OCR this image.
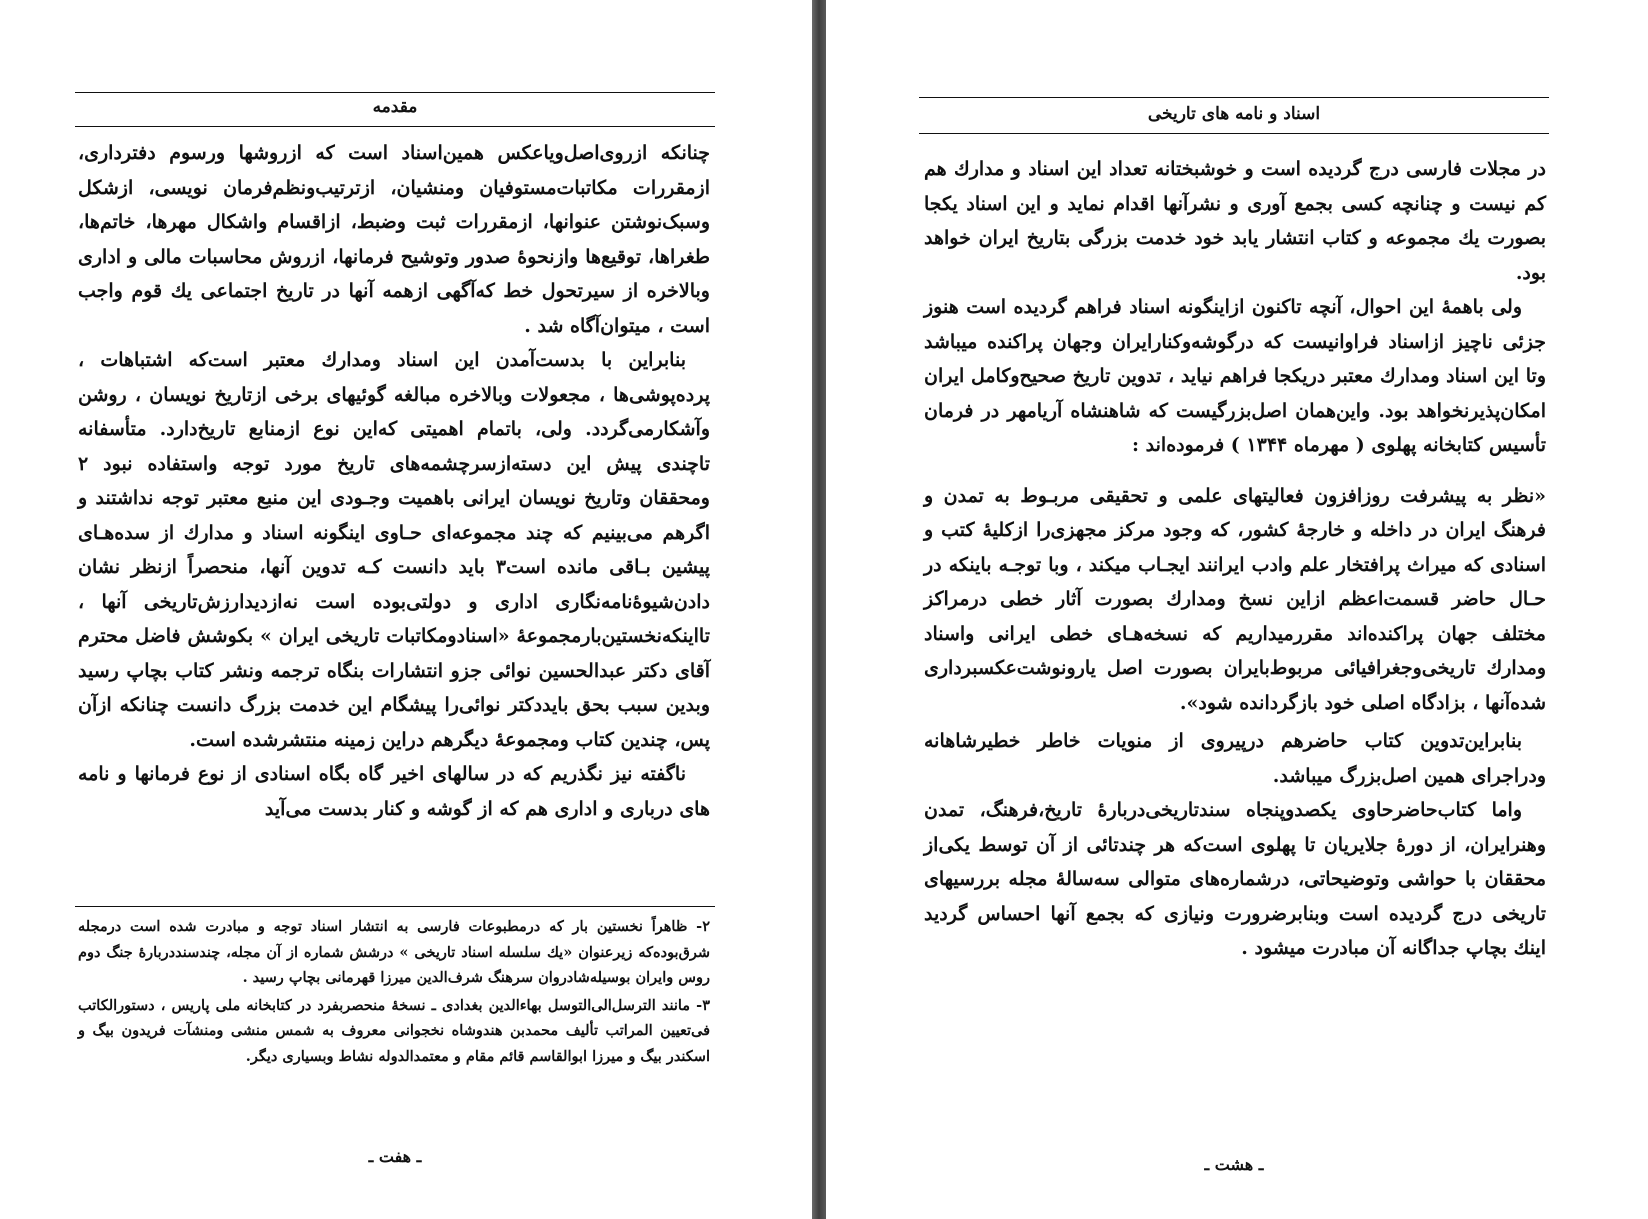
مقدمه

چنانکه ازروی‌اصل‌ویاعکس همین‌اسناد است که ازروشها ورسوم دفترداری، ازمقررات مکاتبات‌مستوفیان ومنشیان، ازترتیب‌ونظم‌فرمان نویسی، ازشکل وسبک‌نوشتن عنوانها، ازمقررات ثبت وضبط، ازاقسام واشکال مهرها، خاتم‌ها، طغراها، توقیع‌ها وازنحوهٔ صدور وتوشیح فرمانها، ازروش محاسبات مالی و اداری وبالاخره از سیرتحول خط که‌آگهی ازهمه آنها در تاریخ اجتماعی یك قوم واجب است ، میتوان‌آگاه شد .

بنابراین با بدست‌آمدن این اسناد ومدارك معتبر است‌که اشتباهات ، پرده‌پوشی‌ها ، مجعولات وبالاخره مبالغه گوئیهای برخی ازتاریخ نویسان ، روشن وآشکارمی‌گردد. ولی، باتمام اهمیتی که‌این نوع ازمنابع تاریخ‌دارد. متأسفانه تاچندی پیش این دسته‌ازسرچشمه‌های تاریخ مورد توجه واستفاده نبود ۲ ومحققان وتاریخ نویسان ایرانی باهمیت وجـودی این منبع معتبر توجه نداشتند و اگرهم می‌بینیم که چند مجموعه‌ای حـاوی اینگونه اسناد و مدارك از سده‌هـای پیشین بـاقی مانده است۳ باید دانست کـه تدوین آنها، منحصراً ازنظر نشان دادن‌شیوهٔ‌نامه‌نگاری اداری و دولتی‌بوده است نه‌ازدیدارزش‌تاریخی آنها ، تااینکه‌نخستین‌بارمجموعهٔ «اسنادومکاتبات تاریخی ایران » بکوشش فاضل محترم آقای دکتر عبدالحسین نوائی جزو انتشارات بنگاه ترجمه ونشر کتاب بچاپ رسید وبدین سبب بحق بایددکتر نوائی‌را پیشگام این خدمت بزرگ دانست چنانکه ازآن پس، چندین کتاب ومجموعهٔ دیگرهم دراین زمینه منتشرشده است.

ناگفته نیز نگذریم که در سالهای اخیر گاه بگاه اسنادی از نوع فرمانها و نامه‌ هاى درباری و اداری هم که از گوشه و کنار بدست می‌آید

۲- ظاهراً نخستین بار که درمطبوعات فارسی به انتشار اسناد توجه و مبادرت شده است درمجله شرق‌بوده‌که زیرعنوان «یك سلسله اسناد تاریخی » درشش شماره از آن مجله، چندسنددربارهٔ جنگ دوم روس وایران بوسیله‌شادروان سرهنگ شرف‌الدین میرزا قهرمانی بچاپ رسید .

۳- مانند الترسل‌الی‌التوسل بهاءالدین بغدادی ـ نسخهٔ منحصربفرد در کتابخانه ملی پاریس ، دستورالکاتب فی‌تعیین المراتب تألیف محمدبن هندوشاه نخجوانی معروف به شمس منشی ومنشآت فریدون بیگ و اسکندر بیگ و میرزا ابوالقاسم قائم مقام و معتمدالدوله نشاط وبسیاری دیگر.

ـ هفت ـ
اسناد و نامه های تاریخی

در مجلات فارسی درج گردیده است و خوشبختانه تعداد این اسناد و مدارك هم کم نیست و چنانچه کسی بجمع آوری و نشرآنها اقدام نماید و این اسناد یکجا بصورت یك مجموعه و کتاب انتشار یابد خود خدمت بزرگی بتاریخ ایران خواهد بود.

ولی باهمهٔ این احوال، آنچه تاکنون ازاینگونه اسناد فراهم گردیده است هنوز جزئی ناچیز ازاسناد فراوانیست که درگوشه‌وکنارایران وجهان پراکنده میباشد وتا این اسناد ومدارك معتبر دریکجا فراهم نیاید ، تدوین تاریخ صحیح‌وکامل ایران امکان‌پذیرنخواهد بود. واین‌همان اصل‌بزرگیست که شاهنشاه آریامهر در فرمان تأسیس کتابخانه پهلوی ( مهرماه ۱۳۴۴ ) فرموده‌اند :

«نظر به پیشرفت روزافزون فعالیتهای علمی و تحقیقی مربـوط به تمدن و فرهنگ ایران در داخله و خارجهٔ کشور، که وجود مرکز مجهزی‌را ازکلیهٔ کتب و اسنادی که میراث پرافتخار علم وادب ایرانند ایجـاب میکند ، وبا توجـه باینکه در حـال حاضر قسمت‌اعظم ازاین نسخ ومدارك بصورت آثار خطی درمراکز مختلف جهان پراکنده‌اند مقررمیداریم که نسخه‌هـای خطی ایرانی واسناد ومدارك تاریخی‌وجغرافیائی مربوط‌بایران بصورت اصل یارونوشت‌عکسبرداری شده‌آنها ، بزادگاه اصلی خود بازگردانده شود».

بنابراین‌تدوین کتاب حاضرهم درپیروی از منویات خاطر خطیرشاهانه ودراجرای همین اصل‌بزرگ میباشد.

واما کتاب‌حاضرحاوی یکصدوپنجاه سندتاریخی‌دربارهٔ تاریخ،فرهنگ، تمدن وهنرایران، از دورهٔ جلایریان تا پهلوی است‌که هر چندتائی از آن توسط یکی‌از محققان با حواشی وتوضیحاتی، درشماره‌های متوالی سه‌سالهٔ مجله بررسیهای تاریخی درج گردیده است وبنابرضرورت ونیازی که بجمع آنها احساس گردید اینك بچاپ جداگانه آن مبادرت میشود .

ـ هشت ـ
